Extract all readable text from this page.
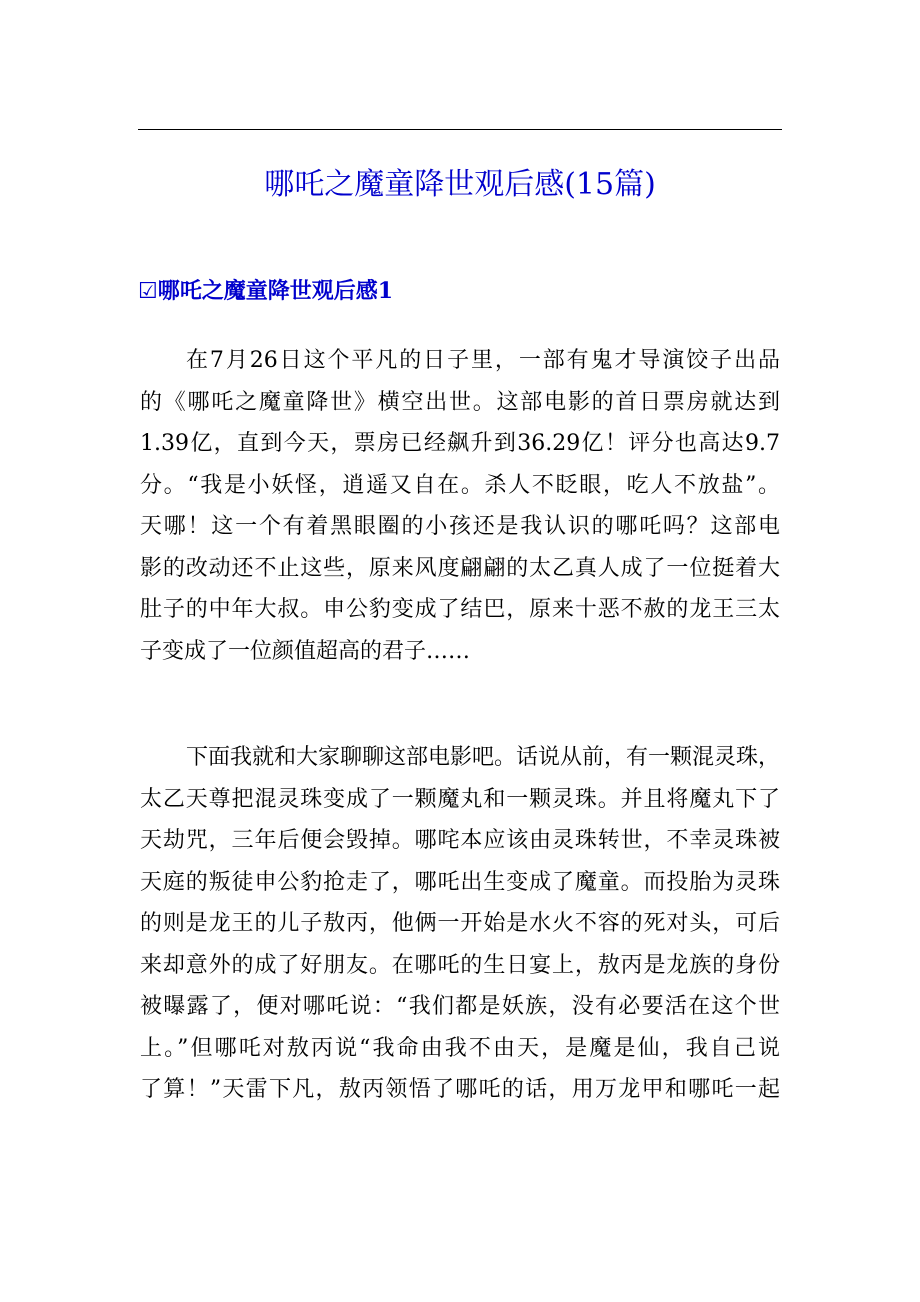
哪吒之魔童降世观后感(15篇)
☑哪吒之魔童降世观后感1
在7月26日这个平凡的日子里，一部有鬼才导演饺子出品
的《哪吒之魔童降世》横空出世。这部电影的首日票房就达到
1.39亿，直到今天，票房已经飙升到36.29亿！评分也高达9.7
分。“我是小妖怪，逍遥又自在。杀人不眨眼，吃人不放盐”。
天哪！这一个有着黑眼圈的小孩还是我认识的哪吒吗？这部电
影的改动还不止这些，原来风度翩翩的太乙真人成了一位挺着大
肚子的中年大叔。申公豹变成了结巴，原来十恶不赦的龙王三太
子变成了一位颜值超高的君子……
下面我就和大家聊聊这部电影吧。话说从前，有一颗混灵珠，
太乙天尊把混灵珠变成了一颗魔丸和一颗灵珠。并且将魔丸下了
天劫咒，三年后便会毁掉。哪咤本应该由灵珠转世，不幸灵珠被
天庭的叛徒申公豹抢走了，哪吒出生变成了魔童。而投胎为灵珠
的则是龙王的儿子敖丙，他俩一开始是水火不容的死对头，可后
来却意外的成了好朋友。在哪吒的生日宴上，敖丙是龙族的身份
被曝露了，便对哪吒说：“我们都是妖族，没有必要活在这个世
上。”但哪吒对敖丙说“我命由我不由天，是魔是仙，我自己说
了算！”天雷下凡，敖丙领悟了哪吒的话，用万龙甲和哪吒一起
